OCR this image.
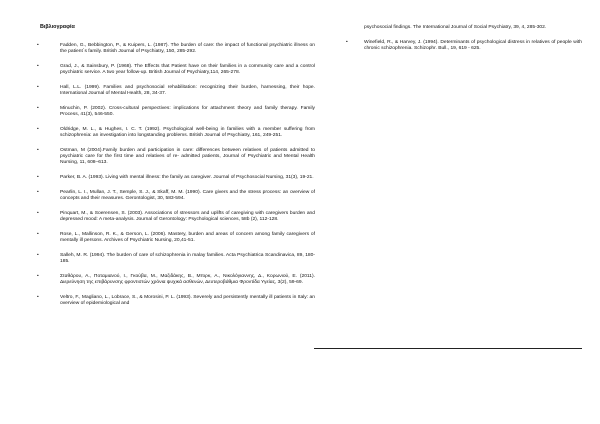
Βιβλιογραφία
•	Fadden, G., Bebbington, P., & Kuipers, L. (1987). The burden of care: the impact of functional psychiatric illness on the patient΄s family. British Journal of Psychiatry, 150, 285-292.
•	Grad, J., & Sainsbury, P. (1968). The Effects that Patient have on their families in a community care and a control psychiatric service. A two year follow-up. British Journal of Psychiatry,114, 265-278.
•	Hall, L.L. (1999). Families and psychosocial rehabilitation: recognizing their burden, harnessing, their hope. International Journal of Mental Health, 28, 34-37.
•	Minuchin, P. (2002). Cross-cultural perspectives: implications for attachment theory and family therapy. Family Process, 41(3), 546-550.
•	Oldridge, M. L., & Hughes, I. C. T. (1992). Psychological well-being in families with a member suffering from schizophrenia: an investigation into longstanding problems. British Journal of Psychiatry, 161, 249-251.
•	Ostman, M (2004).Family burden and participation in care: differences between relatives of patients admitted to psychiatric care for the first time and relatives of re- admitted patients, Journal of Psychiatric and Mental Health Nursing, 11, 608–613.
•	Parker, B. A. (1993). Living with mental illness: the family as caregiver. Journal of Psychosocial Nursing, 31(3), 19-21.
•	Pearlin, L. I., Mullan, J. T., Semple, S. J., & Skaff, M. M. (1990). Care givers and the stress process: an overview of concepts and their measures. Gerontologist, 30, 583-594.
•	Pinquart, M., & Soerensen, S. (2003). Associations of stressors and uplifts of caregiving with caregivers burden and depressed mood: A meta-analysis. Journal of Gerontology: Psychological sciences, 58b (2), 112-128.
•	Rose, L., Mallinson, R. K., & Gerson, L. (2006). Mastery, burden and areas of concern among family caregivers of mentally ill persons. Archives of Psychiatric Nursing, 20,41-51.
•	Salleh, M. R. (1994). The burden of care of schizophrenia in malay families. Acta Psychiatrica Scandinavica, 89, 180-185.
•	Σταθάρου, Α., Ποταμιανού, Ι., Γκούβα, Μ., Μαζιδάκης, Β., Μπιρκ, Α., Νικολόγιαννης, Δ., Κορωνιού, Ε. (2011). Διερεύνηση της επιβάρυνσης φροντιστών χρόνια ψυχικά ασθενών, Δευτεροβάθμια Φροντίδα Υγείας, 3(2), 59-69.
•	Veltro, F., Magliano, L., Lobrace, S., & Morosini, P. L. (1993). Severely and persistently mentally ill patients in Italy: an overview of epidemiological and
psychosocial findings. The International Journal of Social Psychiatry, 39, 4, 285-302.
•	Winefield, R., & Harvey, J. (1994). Determinants of psychological distress in relatives of people with chronic schizophrenia. Schizophr. Bull., 19, 619 - 625.
